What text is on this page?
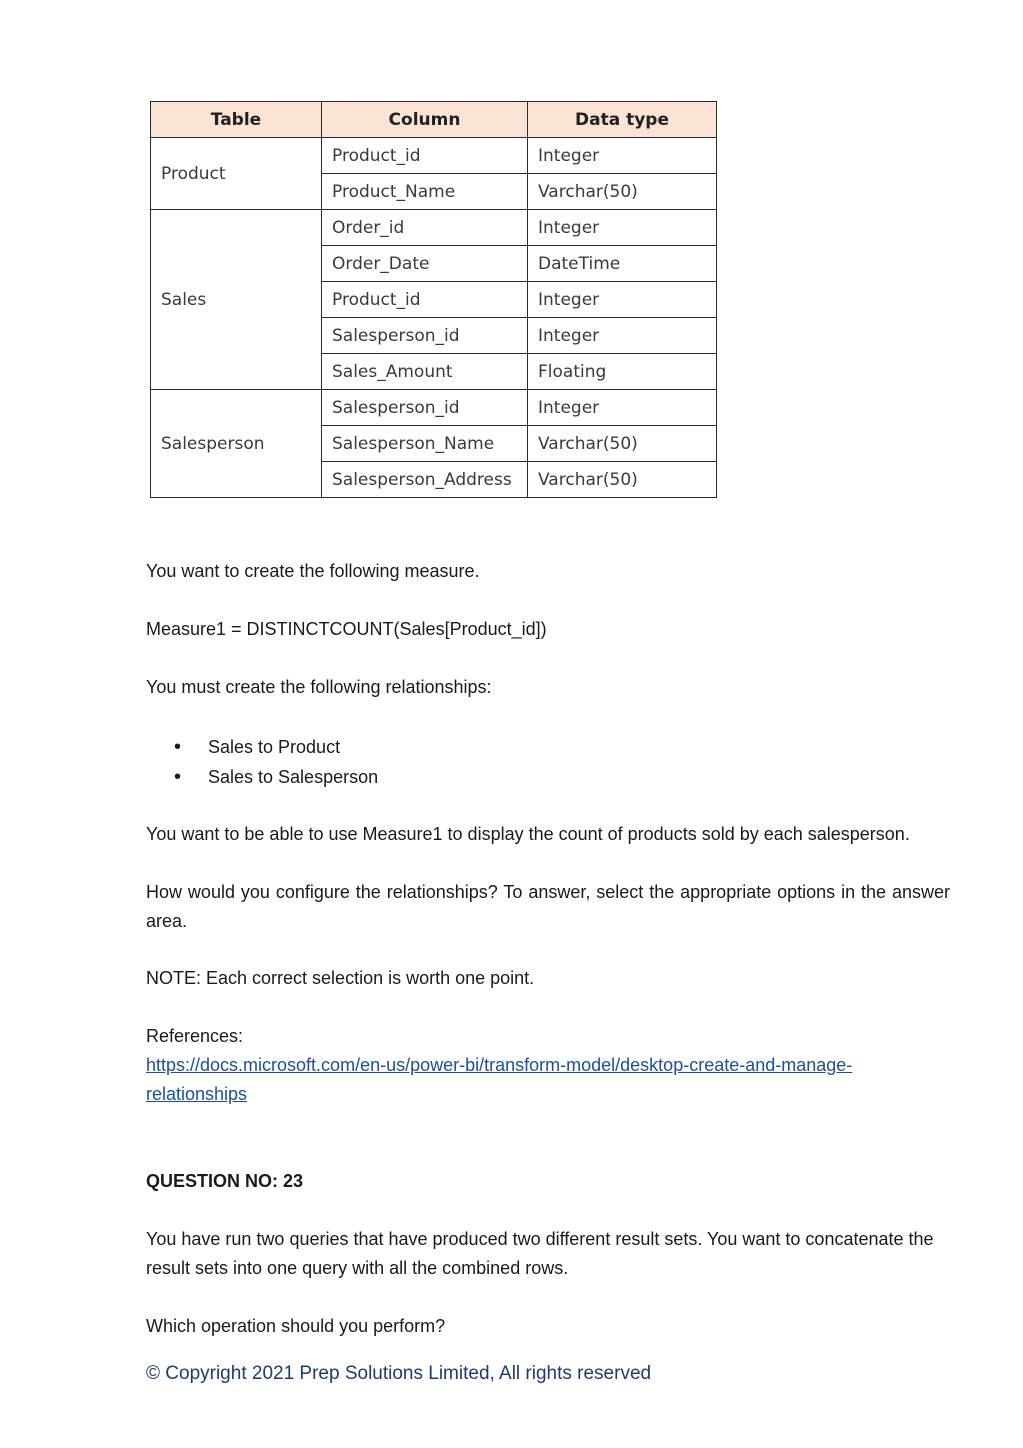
Table	Column	Data type
Product	Product_id	Integer
	Product_Name	Varchar(50)
Sales	Order_id	Integer
	Order_Date	DateTime
	Product_id	Integer
	Salesperson_id	Integer
	Sales_Amount	Floating
Salesperson	Salesperson_id	Integer
	Salesperson_Name	Varchar(50)
	Salesperson_Address	Varchar(50)

You want to create the following measure.

Measure1 = DISTINCTCOUNT(Sales[Product_id])

You must create the following relationships:

• Sales to Product
• Sales to Salesperson

You want to be able to use Measure1 to display the count of products sold by each salesperson.

How would you configure the relationships? To answer, select the appropriate options in the answer area.

NOTE: Each correct selection is worth one point.

References:

https://docs.microsoft.com/en-us/power-bi/transform-model/desktop-create-and-manage-relationships

QUESTION NO: 23

You have run two queries that have produced two different result sets. You want to concatenate the result sets into one query with all the combined rows.

Which operation should you perform?

© Copyright 2021 Prep Solutions Limited, All rights reserved
